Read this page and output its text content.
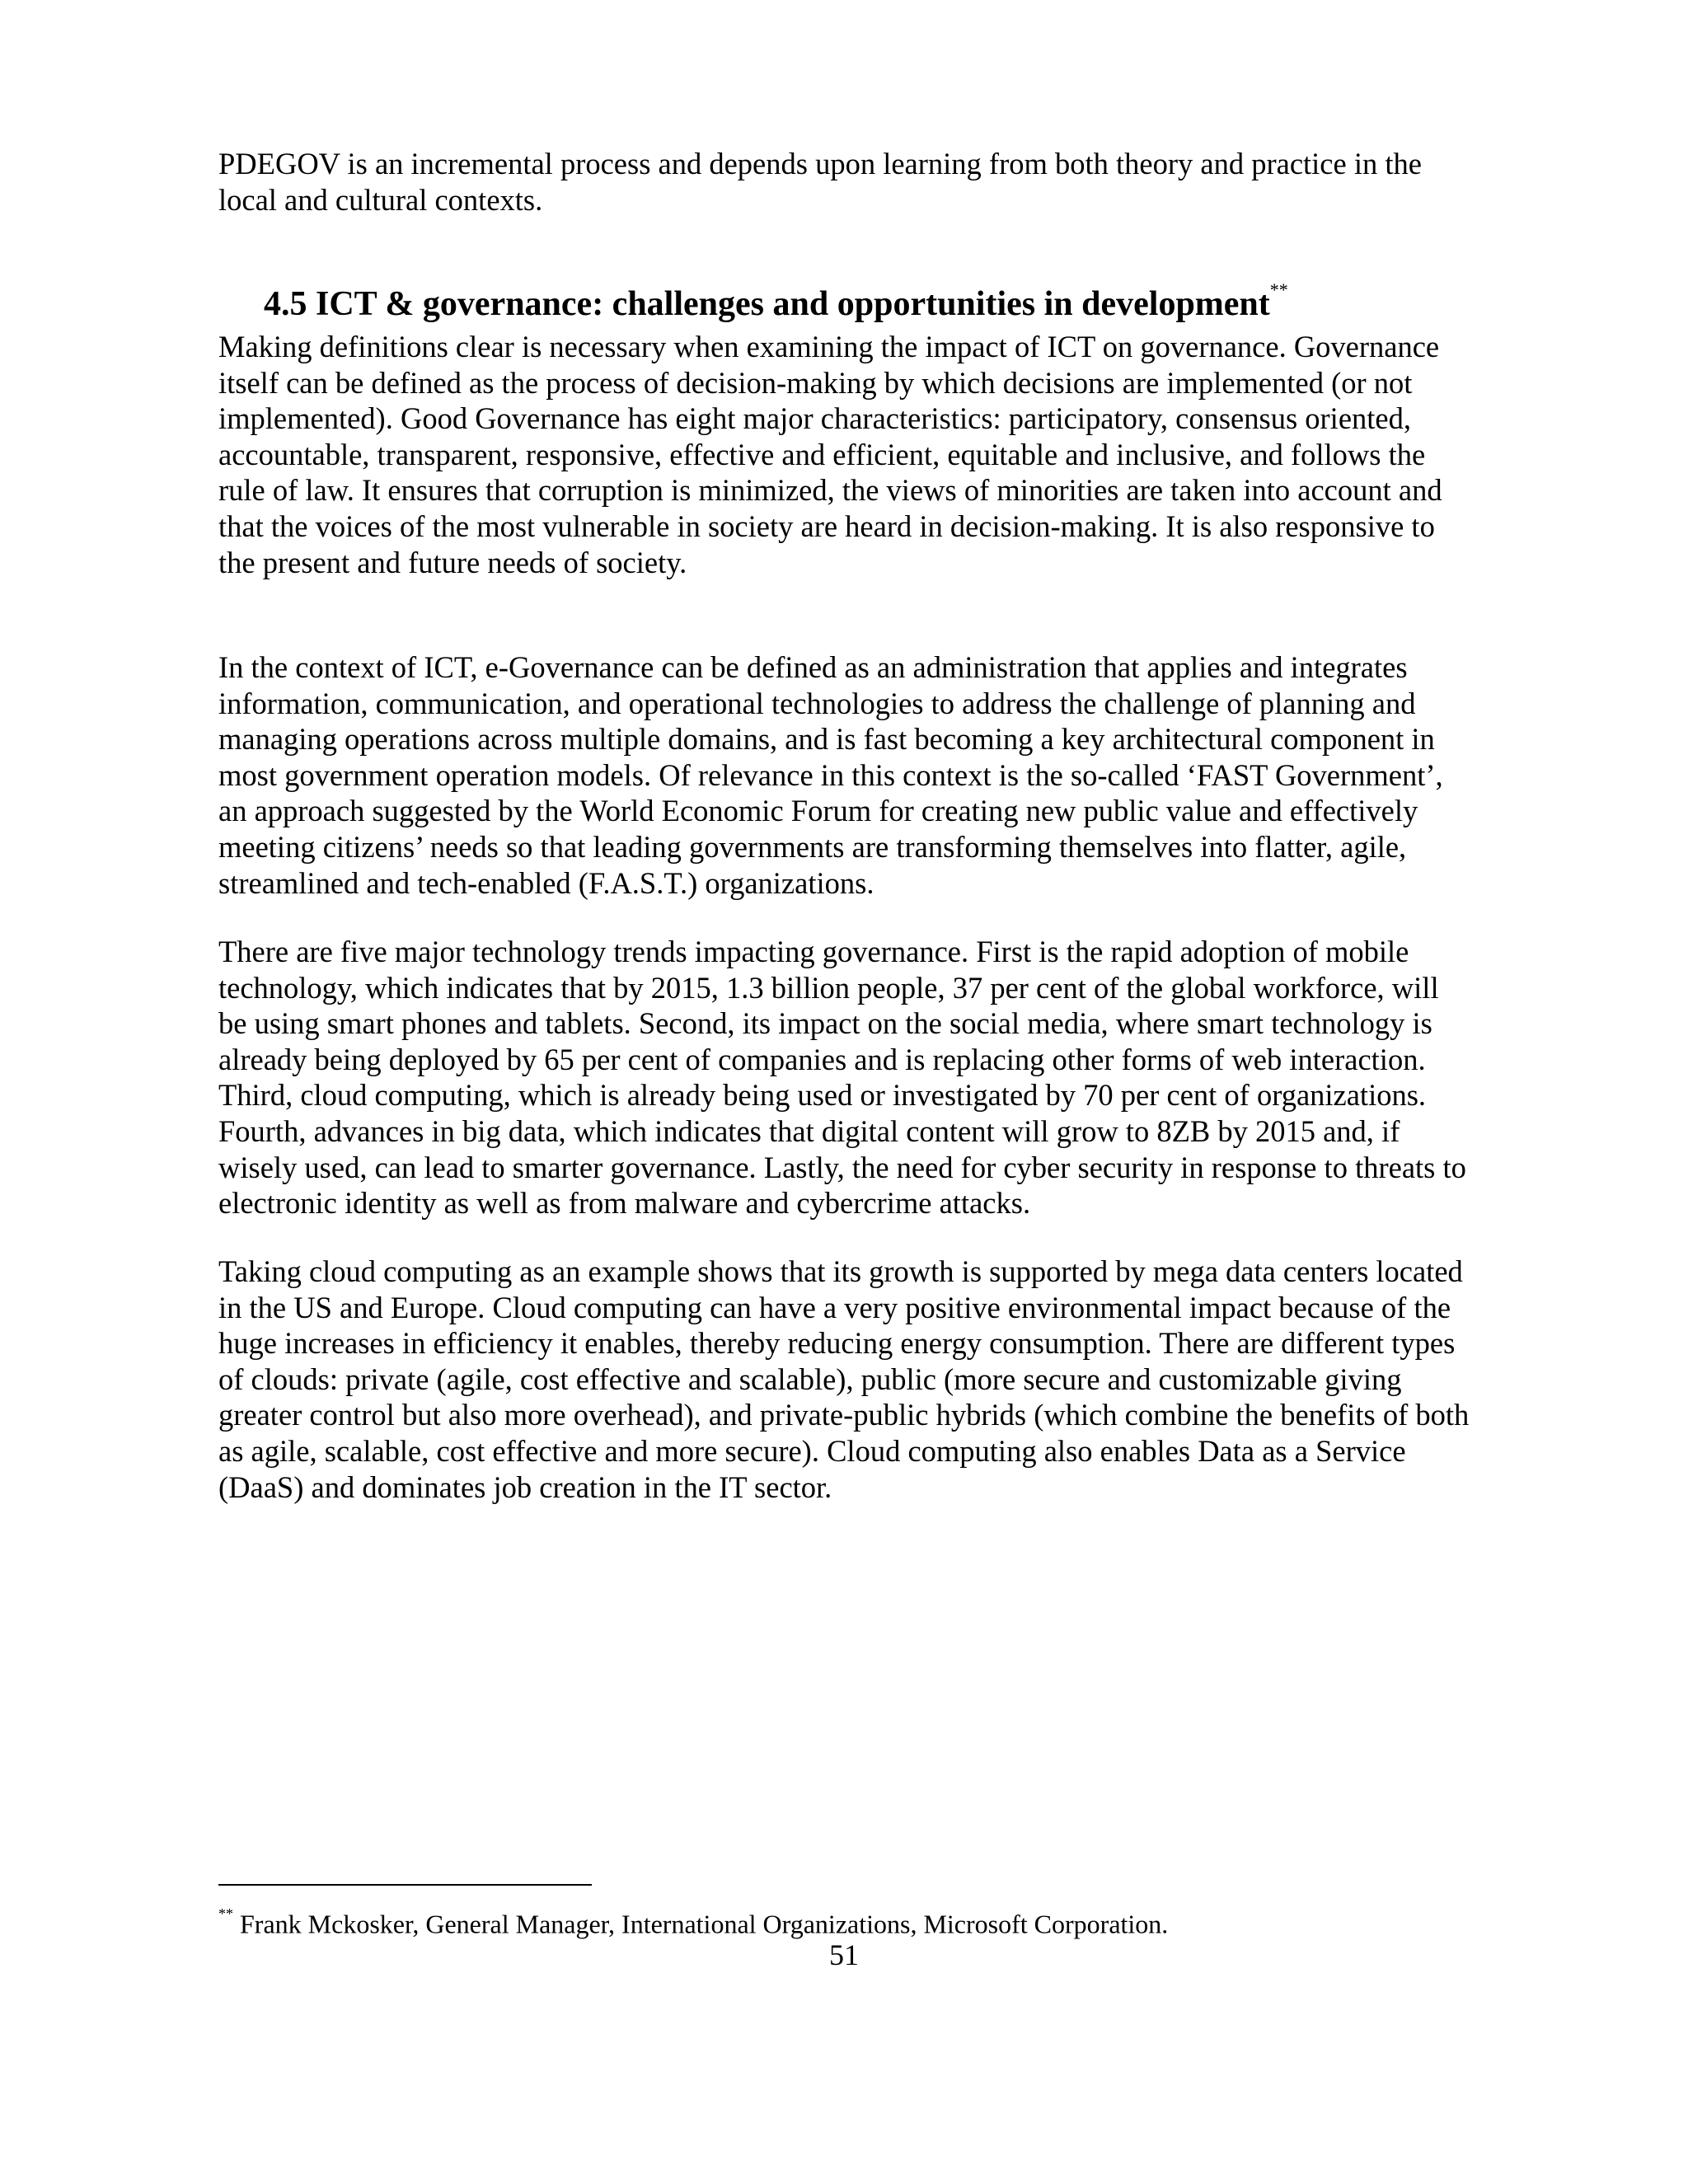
PDEGOV is an incremental process and depends upon learning from both theory and practice in the local and cultural contexts.

4.5 ICT & governance: challenges and opportunities in development**

Making definitions clear is necessary when examining the impact of ICT on governance. Governance itself can be defined as the process of decision-making by which decisions are implemented (or not implemented). Good Governance has eight major characteristics: participatory, consensus oriented, accountable, transparent, responsive, effective and efficient, equitable and inclusive, and follows the rule of law. It ensures that corruption is minimized, the views of minorities are taken into account and that the voices of the most vulnerable in society are heard in decision-making. It is also responsive to the present and future needs of society.

In the context of ICT, e-Governance can be defined as an administration that applies and integrates information, communication, and operational technologies to address the challenge of planning and managing operations across multiple domains, and is fast becoming a key architectural component in most government operation models. Of relevance in this context is the so-called ‘FAST Government’, an approach suggested by the World Economic Forum for creating new public value and effectively meeting citizens’ needs so that leading governments are transforming themselves into flatter, agile, streamlined and tech-enabled (F.A.S.T.) organizations.

There are five major technology trends impacting governance. First is the rapid adoption of mobile technology, which indicates that by 2015, 1.3 billion people, 37 per cent of the global workforce, will be using smart phones and tablets. Second, its impact on the social media, where smart technology is already being deployed by 65 per cent of companies and is replacing other forms of web interaction. Third, cloud computing, which is already being used or investigated by 70 per cent of organizations. Fourth, advances in big data, which indicates that digital content will grow to 8ZB by 2015 and, if wisely used, can lead to smarter governance. Lastly, the need for cyber security in response to threats to electronic identity as well as from malware and cybercrime attacks.

Taking cloud computing as an example shows that its growth is supported by mega data centers located in the US and Europe. Cloud computing can have a very positive environmental impact because of the huge increases in efficiency it enables, thereby reducing energy consumption. There are different types of clouds: private (agile, cost effective and scalable), public (more secure and customizable giving greater control but also more overhead), and private-public hybrids (which combine the benefits of both as agile, scalable, cost effective and more secure). Cloud computing also enables Data as a Service (DaaS) and dominates job creation in the IT sector.

** Frank Mckosker, General Manager, International Organizations, Microsoft Corporation.

51
